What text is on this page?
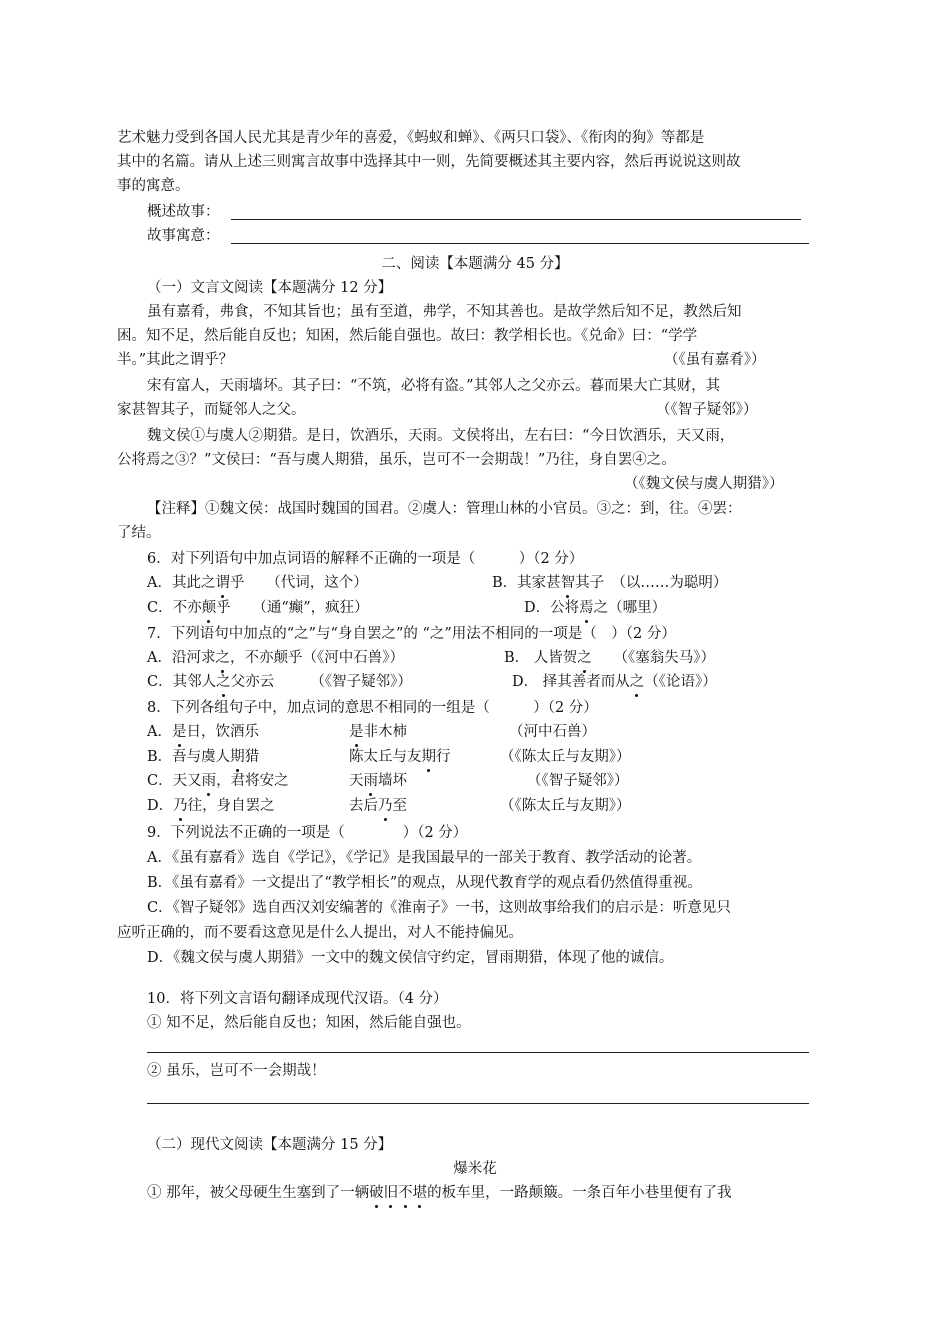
艺术魅力受到各国人民尤其是青少年的喜爱，《蚂蚁和蝉》、《两只口袋》、《衔肉的狗》等都是
其中的名篇。请从上述三则寓言故事中选择其中一则，先简要概述其主要内容，然后再说说这则故
事的寓意。
概述故事：
故事寓意：
二、阅读【本题满分 45 分】
（一）文言文阅读【本题满分 12 分】
虽有嘉肴，弗食，不知其旨也；虽有至道，弗学，不知其善也。是故学然后知不足，教然后知
困。知不足，然后能自反也；知困，然后能自强也。故曰：教学相长也。《兑命》曰：“学学
半。”其此之谓乎？	（《虽有嘉肴》）
宋有富人，天雨墙坏。其子曰：“不筑，必将有盗。”其邻人之父亦云。暮而果大亡其财，其
家甚智其子，而疑邻人之父。	（《智子疑邻》）
魏文侯①与虞人②期猎。是日，饮酒乐，天雨。文侯将出，左右曰：“今日饮酒乐，天又雨，
公将焉之③？”文侯曰：“吾与虞人期猎，虽乐，岂可不一会期哉！”乃往，身自罢④之。
（《魏文侯与虞人期猎》）
【注释】①魏文侯：战国时魏国的国君。②虞人：管理山林的小官员。③之：到，往。④罢：
了结。
6．对下列语句中加点词语的解释不正确的一项是（　　　）（2 分）
A．其此之谓乎　　（代词，这个）	B．其家甚智其子　（以……为聪明）
C．不亦颠乎　　（通“癫”，疯狂）	D．公将焉之（哪里）
7．下列语句中加点的“之”与“身自罢之”的 “之”用法不相同的一项是（　）（2 分）
A．沿河求之，不亦颠乎（《河中石兽》）	B． 人皆贺之　　（《塞翁失马》）
C．其邻人之父亦云　　　（《智子疑邻》）	D． 择其善者而从之（《论语》）
8．下列各组句子中，加点词的意思不相同的一组是（　　　）（2 分）
A．是日，饮酒乐	是非木柿	（河中石兽）
B．吾与虞人期猎	陈太丘与友期行	（《陈太丘与友期》）
C．天又雨，君将安之	天雨墙坏	（《智子疑邻》）
D．乃往，身自罢之	去后乃至	（《陈太丘与友期》）
9．下列说法不正确的一项是（　　　　）（2 分）
A．《虽有嘉肴》选自《学记》，《学记》是我国最早的一部关于教育、教学活动的论著。
B．《虽有嘉肴》一文提出了“教学相长”的观点，从现代教育学的观点看仍然值得重视。
C．《智子疑邻》选自西汉刘安编著的《淮南子》一书，这则故事给我们的启示是：听意见只
应听正确的，而不要看这意见是什么人提出，对人不能持偏见。
D．《魏文侯与虞人期猎》一文中的魏文侯信守约定，冒雨期猎，体现了他的诚信。
10．将下列文言语句翻译成现代汉语。（4 分）
① 知不足，然后能自反也；知困，然后能自强也。
② 虽乐，岂可不一会期哉！
（二）现代文阅读【本题满分 15 分】
爆米花
① 那年，被父母硬生生塞到了一辆破旧不堪的板车里，一路颠簸。一条百年小巷里便有了我
